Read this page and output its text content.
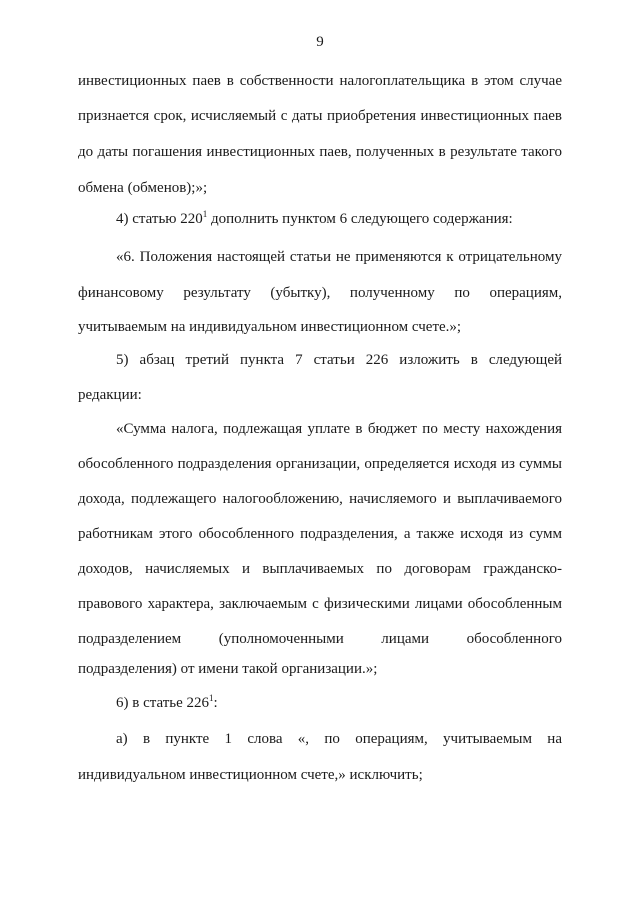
9
инвестиционных паев в собственности налогоплательщика в этом случае
признается срок, исчисляемый с даты приобретения инвестиционных паев
до даты погашения инвестиционных паев, полученных в результате такого
обмена (обменов);»;
4) статью $220^1$ дополнить пунктом 6 следующего содержания:
«6. Положения настоящей статьи не применяются к отрицательному
финансовому результату (убытку), полученному по операциям,
учитываемым на индивидуальном инвестиционном счете.»;
5) абзац третий пункта 7 статьи 226 изложить в следующей
редакции:
«Сумма налога, подлежащая уплате в бюджет по месту нахождения
обособленного подразделения организации, определяется исходя из суммы
дохода, подлежащего налогообложению, начисляемого и выплачиваемого
работникам этого обособленного подразделения, а также исходя из сумм
доходов, начисляемых и выплачиваемых по договорам гражданско-
правового характера, заключаемым с физическими лицами обособленным
подразделением (уполномоченными лицами обособленного
подразделения) от имени такой организации.»;
6) в статье $226^1$:
а) в пункте 1 слова «, по операциям, учитываемым на
индивидуальном инвестиционном счете,» исключить;
